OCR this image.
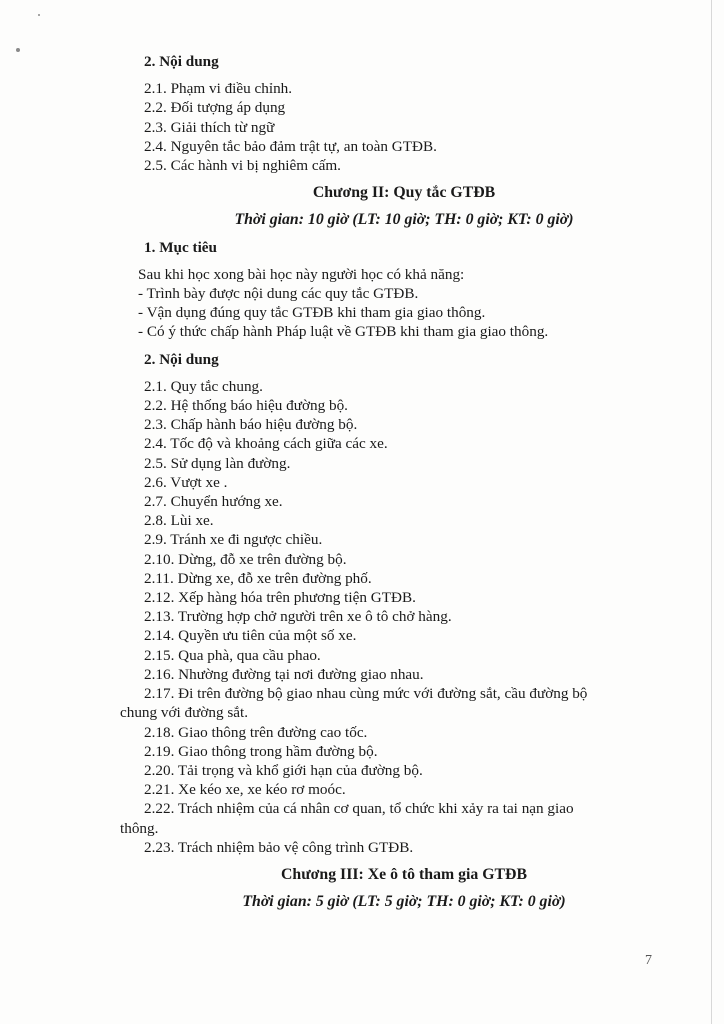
2. Nội dung
2.1. Phạm vi điều chỉnh.
2.2. Đối tượng áp dụng
2.3. Giải thích từ ngữ
2.4. Nguyên tắc bảo đảm trật tự, an toàn GTĐB.
2.5. Các hành vi bị nghiêm cấm.
Chương II: Quy tắc GTĐB
Thời gian: 10 giờ (LT: 10 giờ; TH: 0 giờ; KT: 0 giờ)
1. Mục tiêu
Sau khi học xong bài học này người học có khả năng:
- Trình bày được nội dung các quy tắc GTĐB.
- Vận dụng đúng quy tắc GTĐB khi tham gia giao thông.
- Có ý thức chấp hành Pháp luật về GTĐB khi tham gia giao thông.
2. Nội dung
2.1. Quy tắc chung.
2.2. Hệ thống báo hiệu đường bộ.
2.3. Chấp hành báo hiệu đường bộ.
2.4. Tốc độ và khoảng cách giữa các xe.
2.5. Sử dụng làn đường.
2.6. Vượt xe .
2.7. Chuyển hướng xe.
2.8. Lùi xe.
2.9. Tránh xe đi ngược chiều.
2.10. Dừng, đỗ xe trên đường bộ.
2.11. Dừng xe, đỗ xe trên đường phố.
2.12. Xếp hàng hóa trên phương tiện GTĐB.
2.13. Trường hợp chở người trên xe ô tô chở hàng.
2.14. Quyền ưu tiên của một số xe.
2.15. Qua phà, qua cầu phao.
2.16. Nhường đường tại nơi đường giao nhau.
2.17. Đi trên đường bộ giao nhau cùng mức với đường sắt, cầu đường bộ
chung với đường sắt.
2.18. Giao thông trên đường cao tốc.
2.19. Giao thông trong hầm đường bộ.
2.20. Tải trọng và khổ giới hạn của đường bộ.
2.21. Xe kéo xe, xe kéo rơ moóc.
2.22. Trách nhiệm của cá nhân cơ quan, tổ chức khi xảy ra tai nạn giao
thông.
2.23. Trách nhiệm bảo vệ công trình GTĐB.
Chương III: Xe ô tô tham gia GTĐB
Thời gian: 5 giờ (LT: 5 giờ; TH: 0 giờ; KT: 0 giờ)
7
